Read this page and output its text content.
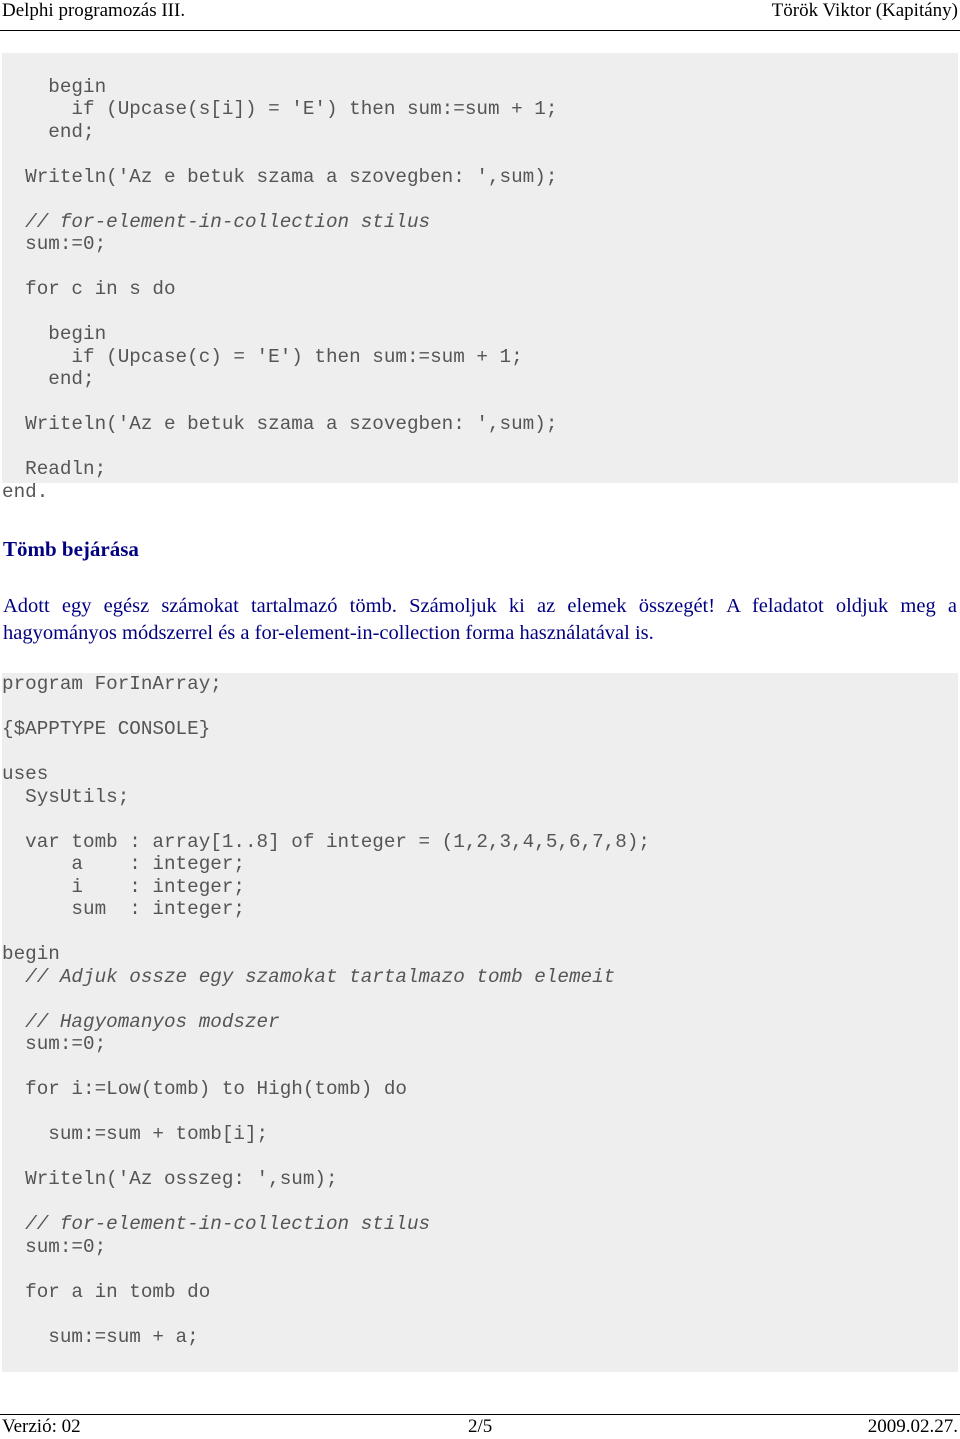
Delphi programozás III.	Török Viktor (Kapitány)
begin
if (Upcase(s[i]) = 'E') then sum:=sum + 1;
end;
Writeln('Az e betuk szama a szovegben: ',sum);
// for-element-in-collection stilus
sum:=0;
for c in s do
begin
if (Upcase(c) = 'E') then sum:=sum + 1;
end;
Writeln('Az e betuk szama a szovegben: ',sum);
Readln;
end.
Tömb bejárása
Adott egy egész számokat tartalmazó tömb. Számoljuk ki az elemek összegét! A feladatot oldjuk meg a hagyományos módszerrel és a for-element-in-collection forma használatával is.
program ForInArray;
{$APPTYPE CONSOLE}
uses
SysUtils;
var tomb : array[1..8] of integer = (1,2,3,4,5,6,7,8);
a    : integer;
i    : integer;
sum  : integer;
begin
// Adjuk ossze egy szamokat tartalmazo tomb elemeit
// Hagyomanyos modszer
sum:=0;
for i:=Low(tomb) to High(tomb) do
sum:=sum + tomb[i];
Writeln('Az osszeg: ',sum);
// for-element-in-collection stilus
sum:=0;
for a in tomb do
sum:=sum + a;
Verzió: 02	2/5	2009.02.27.
